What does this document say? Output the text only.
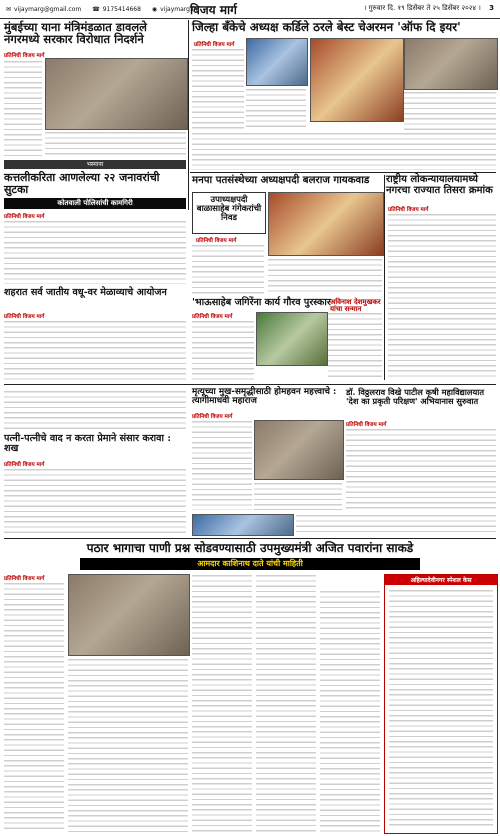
✉ vijaymarg@gmail.com ☎ 9175414668 ◉ vijaymarg.in
विजय मार्ग	। गुरुवार दि. १९ डिसेंबर ते २५ डिसेंबर २०२४ । 3
मुंबईच्या याना मंत्रिमंडळात डावलले नगरमध्ये सरकार विरोधात निदर्शने
प्रतिनिधी विजय मार्ग
जिल्हा बँकेचे अध्यक्ष कर्डिले ठरले बेस्ट चेअरमन 'ऑफ दि इयर'
प्रतिनिधी विजय मार्ग
भस्माना
कत्तलीकरिता आणलेल्या २२ जनावरांची सुटका
कोतवाली पोलिसांची कामगिरी
प्रतिनिधी विजय मार्ग
मनपा पतसंस्थेच्या अध्यक्षपदी बलराज गायकवाड	राष्ट्रीय लोकन्यायालयामध्ये नगरचा राज्यात तिसरा क्रमांक
उपाध्यक्षपदी बाळासाहेब गंगेकरांची निवड
प्रतिनिधी विजय मार्ग
प्रतिनिधी विजय मार्ग
'भाऊसाहेब जगिरेंना कार्य गौरव पुरस्कार
प्रतिनिधी विजय मार्ग
अविनाश देशमुखकर यांचा सन्मान
शहरात सर्व जातीय वधू-वर मेळाव्याचे आयोजन
प्रतिनिधी विजय मार्ग
मृत्यूच्या मुख-समृद्धीसाठी होमहवन महत्त्वाचे : त्यागीमाधवी महाराज
प्रतिनिधी विजय मार्ग
डॉ. विठ्ठलराव विखे पाटील कृषी महाविद्यालयात 'देश का प्रकृती परिक्षण' अभियानास सुरुवात
प्रतिनिधी विजय मार्ग
पत्नी-पत्नीचे वाद न करता प्रेमाने संसार करावा : शख
प्रतिनिधी विजय मार्ग
पठार भागाचा पाणी प्रश्न सोडवण्यासाठी उपमुख्यमंत्री अजित पवारांना साकडे
आमदार काशिनाथ दाते यांची माहिती
प्रतिनिधी विजय मार्ग	अहिल्यादेवीनगर स्पेशल केस
